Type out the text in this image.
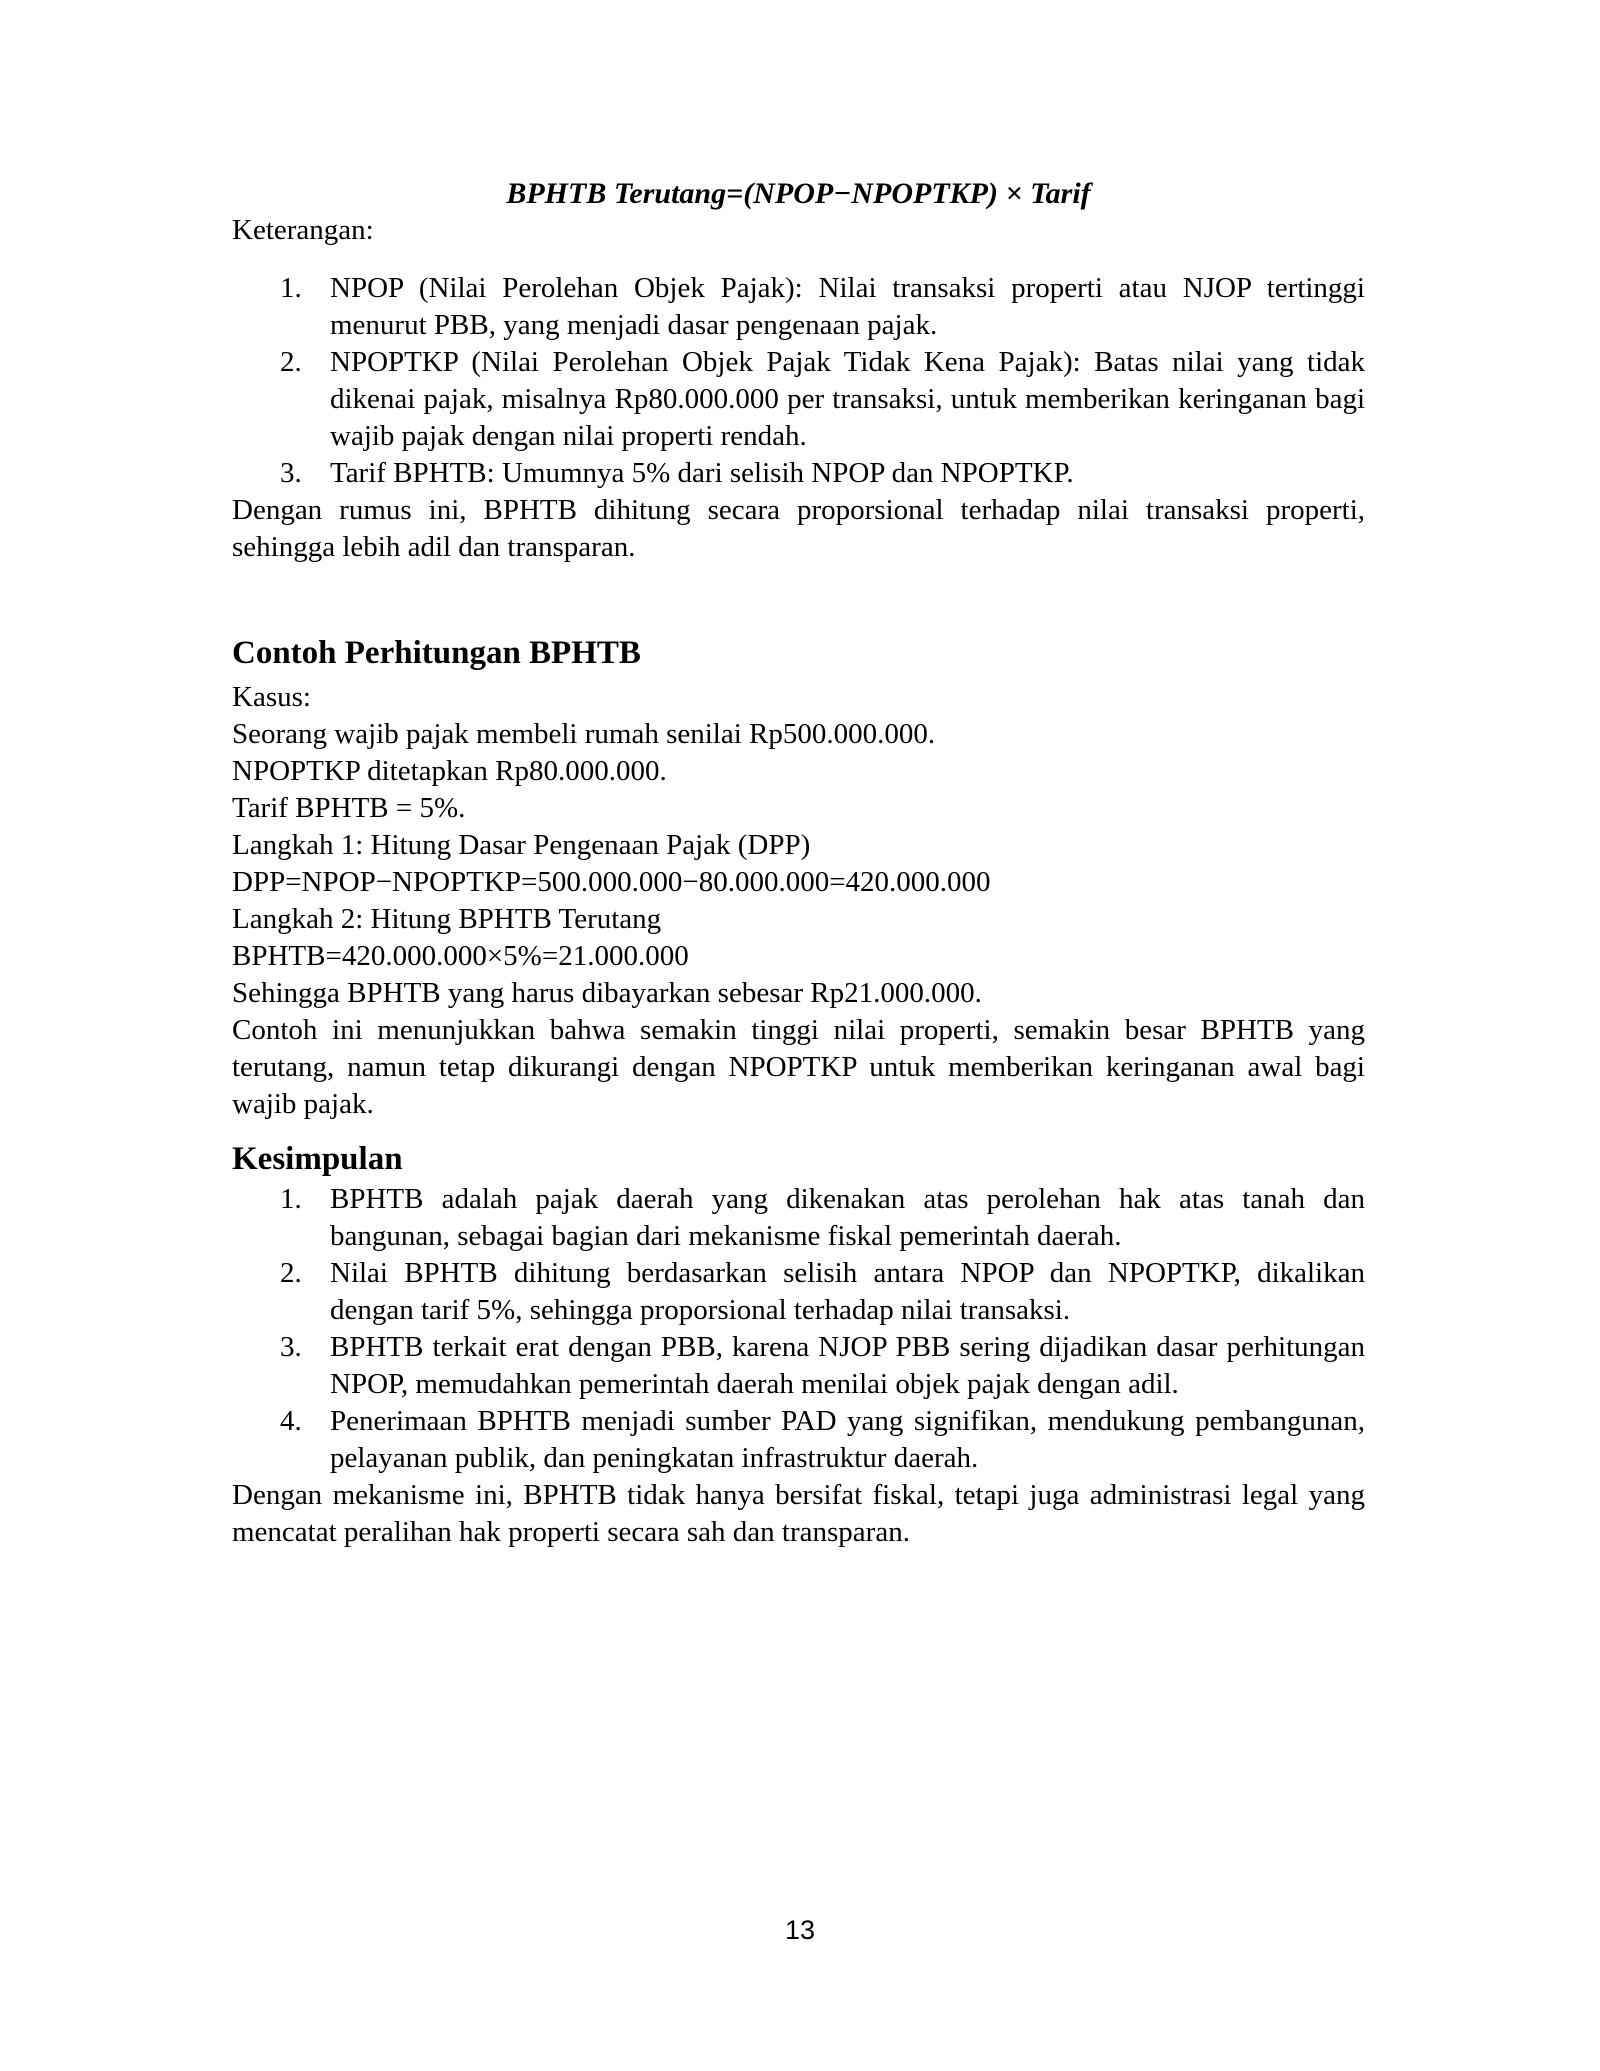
BPHTB Terutang=(NPOP−NPOPTKP) × Tarif

Keterangan:

1. NPOP (Nilai Perolehan Objek Pajak): Nilai transaksi properti atau NJOP tertinggi menurut PBB, yang menjadi dasar pengenaan pajak.
2. NPOPTKP (Nilai Perolehan Objek Pajak Tidak Kena Pajak): Batas nilai yang tidak dikenai pajak, misalnya Rp80.000.000 per transaksi, untuk memberikan keringanan bagi wajib pajak dengan nilai properti rendah.
3. Tarif BPHTB: Umumnya 5% dari selisih NPOP dan NPOPTKP.

Dengan rumus ini, BPHTB dihitung secara proporsional terhadap nilai transaksi properti, sehingga lebih adil dan transparan.

Contoh Perhitungan BPHTB

Kasus:

Seorang wajib pajak membeli rumah senilai Rp500.000.000.

NPOPTKP ditetapkan Rp80.000.000.

Tarif BPHTB = 5%.

Langkah 1: Hitung Dasar Pengenaan Pajak (DPP)

DPP=NPOP−NPOPTKP=500.000.000−80.000.000=420.000.000

Langkah 2: Hitung BPHTB Terutang

BPHTB=420.000.000×5%=21.000.000

Sehingga BPHTB yang harus dibayarkan sebesar Rp21.000.000.

Contoh ini menunjukkan bahwa semakin tinggi nilai properti, semakin besar BPHTB yang terutang, namun tetap dikurangi dengan NPOPTKP untuk memberikan keringanan awal bagi wajib pajak.

Kesimpulan
1. BPHTB adalah pajak daerah yang dikenakan atas perolehan hak atas tanah dan bangunan, sebagai bagian dari mekanisme fiskal pemerintah daerah.
2. Nilai BPHTB dihitung berdasarkan selisih antara NPOP dan NPOPTKP, dikalikan dengan tarif 5%, sehingga proporsional terhadap nilai transaksi.
3. BPHTB terkait erat dengan PBB, karena NJOP PBB sering dijadikan dasar perhitungan NPOP, memudahkan pemerintah daerah menilai objek pajak dengan adil.
4. Penerimaan BPHTB menjadi sumber PAD yang signifikan, mendukung pembangunan, pelayanan publik, dan peningkatan infrastruktur daerah.

Dengan mekanisme ini, BPHTB tidak hanya bersifat fiskal, tetapi juga administrasi legal yang mencatat peralihan hak properti secara sah dan transparan.

13
